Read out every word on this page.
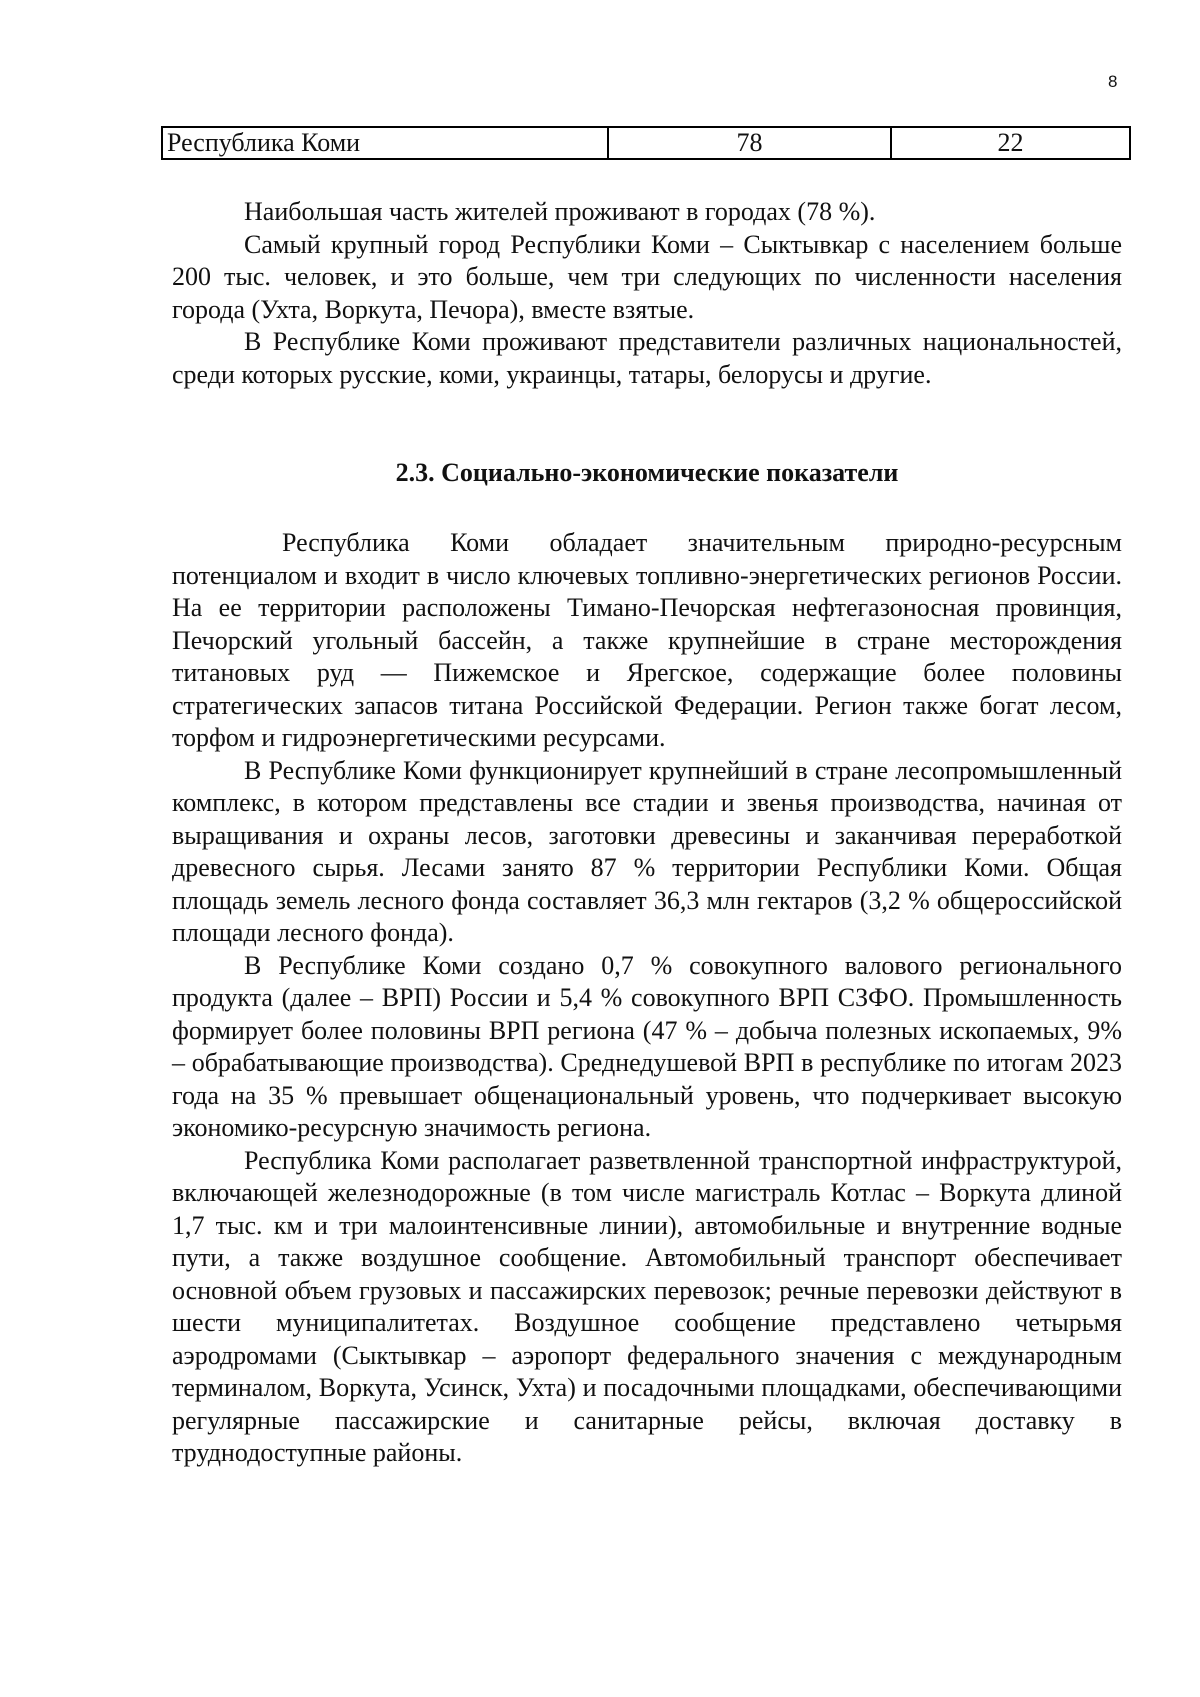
8
Республика Коми	78	22

Наибольшая часть жителей проживают в городах (78 %).

Самый крупный город Республики Коми – Сыктывкар с населением больше 200 тыс. человек, и это больше, чем три следующих по численности населения города (Ухта, Воркута, Печора), вместе взятые.

В Республике Коми проживают представители различных национальностей, среди которых русские, коми, украинцы, татары, белорусы и другие.

2.3. Социально-экономические показатели

Республика Коми обладает значительным природно-ресурсным потенциалом и входит в число ключевых топливно-энергетических регионов России. На ее территории расположены Тимано-Печорская нефтегазоносная провинция, Печорский угольный бассейн, а также крупнейшие в стране месторождения титановых руд — Пижемское и Ярегское, содержащие более половины стратегических запасов титана Российской Федерации. Регион также богат лесом, торфом и гидроэнергетическими ресурсами.

В Республике Коми функционирует крупнейший в стране лесопромышленный комплекс, в котором представлены все стадии и звенья производства, начиная от выращивания и охраны лесов, заготовки древесины и заканчивая переработкой древесного сырья. Лесами занято 87 % территории Республики Коми. Общая площадь земель лесного фонда составляет 36,3 млн гектаров (3,2 % общероссийской площади лесного фонда).

В Республике Коми создано 0,7 % совокупного валового регионального продукта (далее – ВРП) России и 5,4 % совокупного ВРП СЗФО. Промышленность формирует более половины ВРП региона (47 % – добыча полезных ископаемых, 9% – обрабатывающие производства). Среднедушевой ВРП в республике по итогам 2023 года на 35 % превышает общенациональный уровень, что подчеркивает высокую экономико-ресурсную значимость региона.

Республика Коми располагает разветвленной транспортной инфраструктурой, включающей железнодорожные (в том числе магистраль Котлас – Воркута длиной 1,7 тыс. км и три малоинтенсивные линии), автомобильные и внутренние водные пути, а также воздушное сообщение. Автомобильный транспорт обеспечивает основной объем грузовых и пассажирских перевозок; речные перевозки действуют в шести муниципалитетах. Воздушное сообщение представлено четырьмя аэродромами (Сыктывкар – аэропорт федерального значения с международным терминалом, Воркута, Усинск, Ухта) и посадочными площадками, обеспечивающими регулярные пассажирские и санитарные рейсы, включая доставку в труднодоступные районы.
